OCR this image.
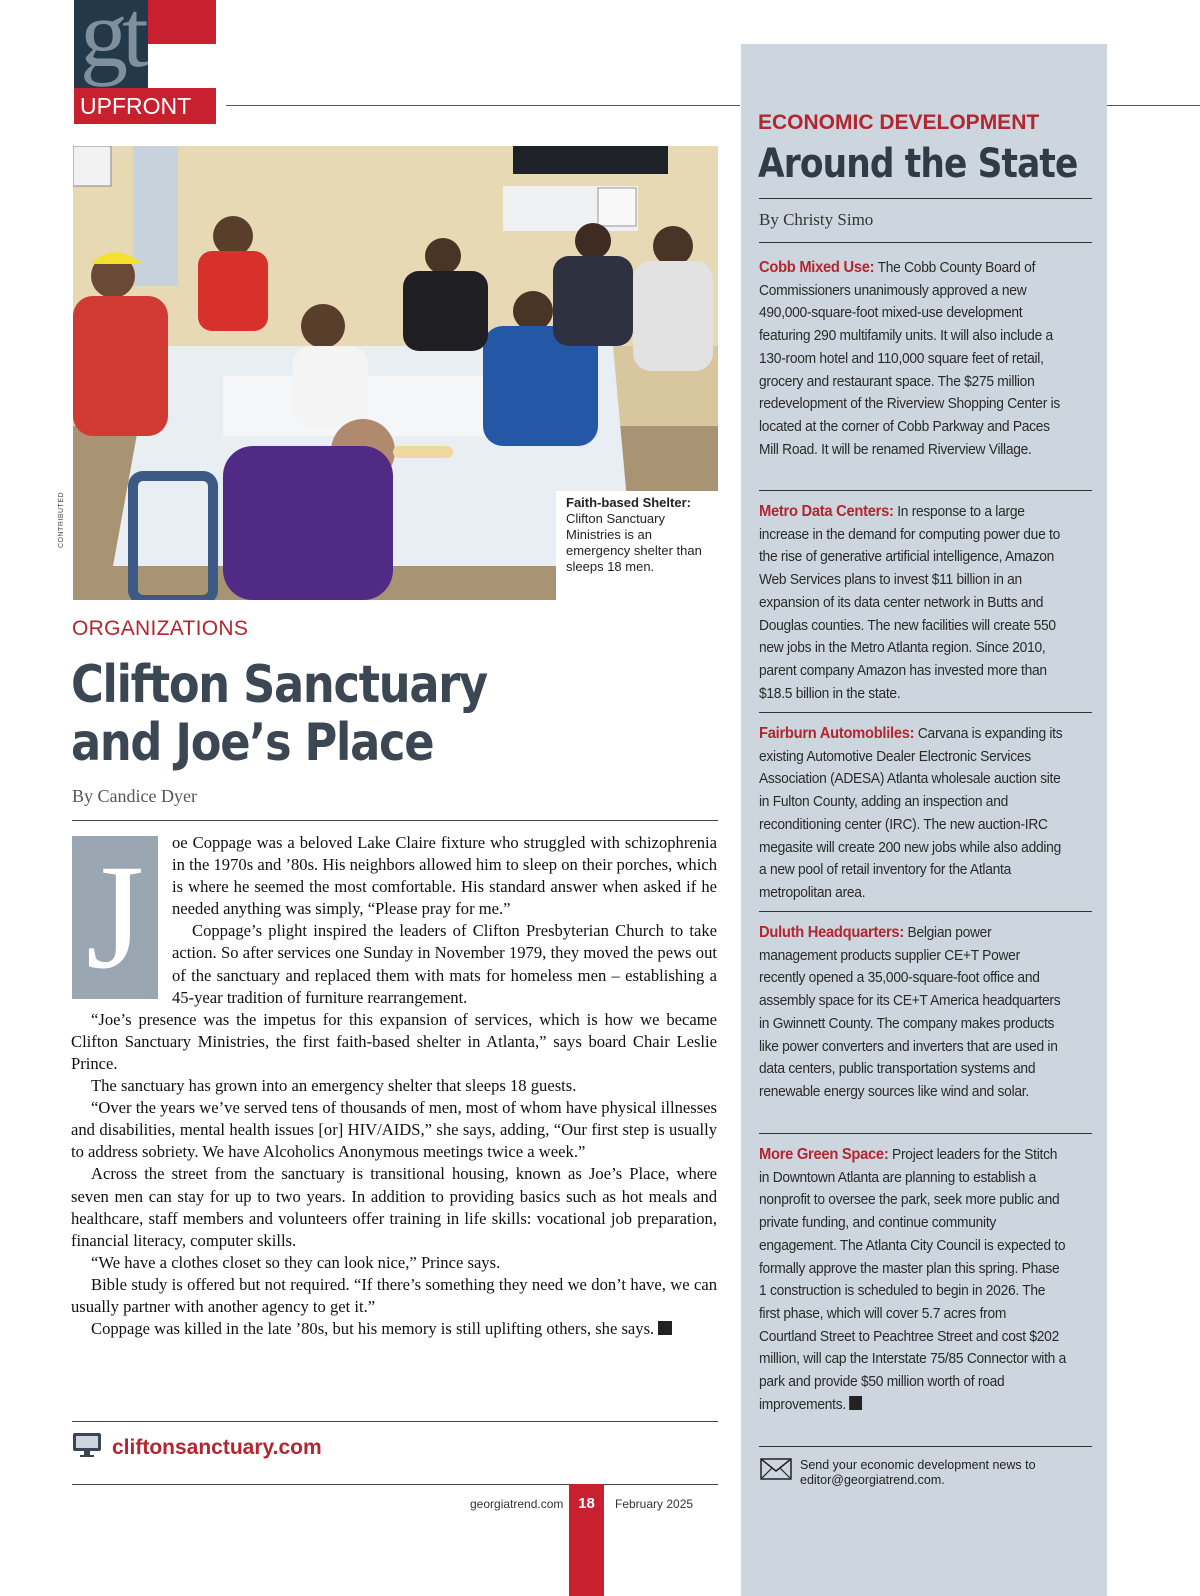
gt
UPFRONT
CONTRIBUTED	Faith-based Shelter:
Clifton Sanctuary Ministries is an emergency shelter than sleeps 18 men.
ORGANIZATIONS
Clifton Sanctuary
and Joe’s Place
By Candice Dyer

oe Coppage was a beloved Lake Claire fixture who struggled with schizophrenia in the 1970s and ’80s. His neighbors allowed him to sleep on their porches, which is where he seemed the most comfortable. His standard answer when asked if he needed anything was simply, “Please pray for me.”

Coppage’s plight inspired the leaders of Clifton Presbyterian Church to take action. So after services one Sunday in November 1979, they moved the pews out of the sanctuary and replaced them with mats for homeless men – establishing a 45-year tradition of furniture rearrangement.

“Joe’s presence was the impetus for this expansion of services, which is how we became Clifton Sanctuary Ministries, the first faith-based shelter in Atlanta,” says board Chair Leslie Prince.

The sanctuary has grown into an emergency shelter that sleeps 18 guests.

“Over the years we’ve served tens of thousands of men, most of whom have physical illnesses and disabilities, mental health issues [or] HIV/AIDS,” she says, adding, “Our first step is usually to address sobriety. We have Alcoholics Anonymous meetings twice a week.”

Across the street from the sanctuary is transitional housing, known as Joe’s Place, where seven men can stay for up to two years. In addition to providing basics such as hot meals and healthcare, staff members and volunteers offer training in life skills: vocational job preparation, financial literacy, computer skills.

“We have a clothes closet so they can look nice,” Prince says.

Bible study is offered but not required. “If there’s something they need we don’t have, we can usually partner with another agency to get it.”

Coppage was killed in the late ’80s, but his memory is still uplifting others, she says.

J
cliftonsanctuary.com
georgiatrend.com 18	February 2025
ECONOMIC DEVELOPMENT
Around the State
By Christy Simo
Cobb Mixed Use: The Cobb County Board of Commissioners unanimously approved a new 490,000-square-foot mixed-use development featuring 290 multifamily units. It will also include a 130-room hotel and 110,000 square feet of retail, grocery and restaurant space. The $275 million redevelopment of the Riverview Shopping Center is located at the corner of Cobb Parkway and Paces Mill Road. It will be renamed Riverview Village.
Metro Data Centers: In response to a large increase in the demand for computing power due to the rise of generative artificial intelligence, Amazon Web Services plans to invest $11 billion in an expansion of its data center network in Butts and Douglas counties. The new facilities will create 550 new jobs in the Metro Atlanta region. Since 2010, parent company Amazon has invested more than $18.5 billion in the state.
Fairburn Automobliles: Carvana is expanding its existing Automotive Dealer Electronic Services Association (ADESA) Atlanta wholesale auction site in Fulton County, adding an inspection and reconditioning center (IRC). The new auction-IRC megasite will create 200 new jobs while also adding a new pool of retail inventory for the Atlanta metropolitan area.
Duluth Headquarters: Belgian power management products supplier CE+T Power recently opened a 35,000-square-foot office and assembly space for its CE+T America headquarters in Gwinnett County. The company makes products like power converters and inverters that are used in data centers, public transportation systems and renewable energy sources like wind and solar.
More Green Space: Project leaders for the Stitch in Downtown Atlanta are planning to establish a nonprofit to oversee the park, seek more public and private funding, and continue community engagement. The Atlanta City Council is expected to formally approve the master plan this spring. Phase 1 construction is scheduled to begin in 2026. The first phase, which will cover 5.7 acres from Courtland Street to Peachtree Street and cost $202 million, will cap the Interstate 75/85 Connector with a park and provide $50 million worth of road improvements.
Send your economic development news to
editor@georgiatrend.com.
